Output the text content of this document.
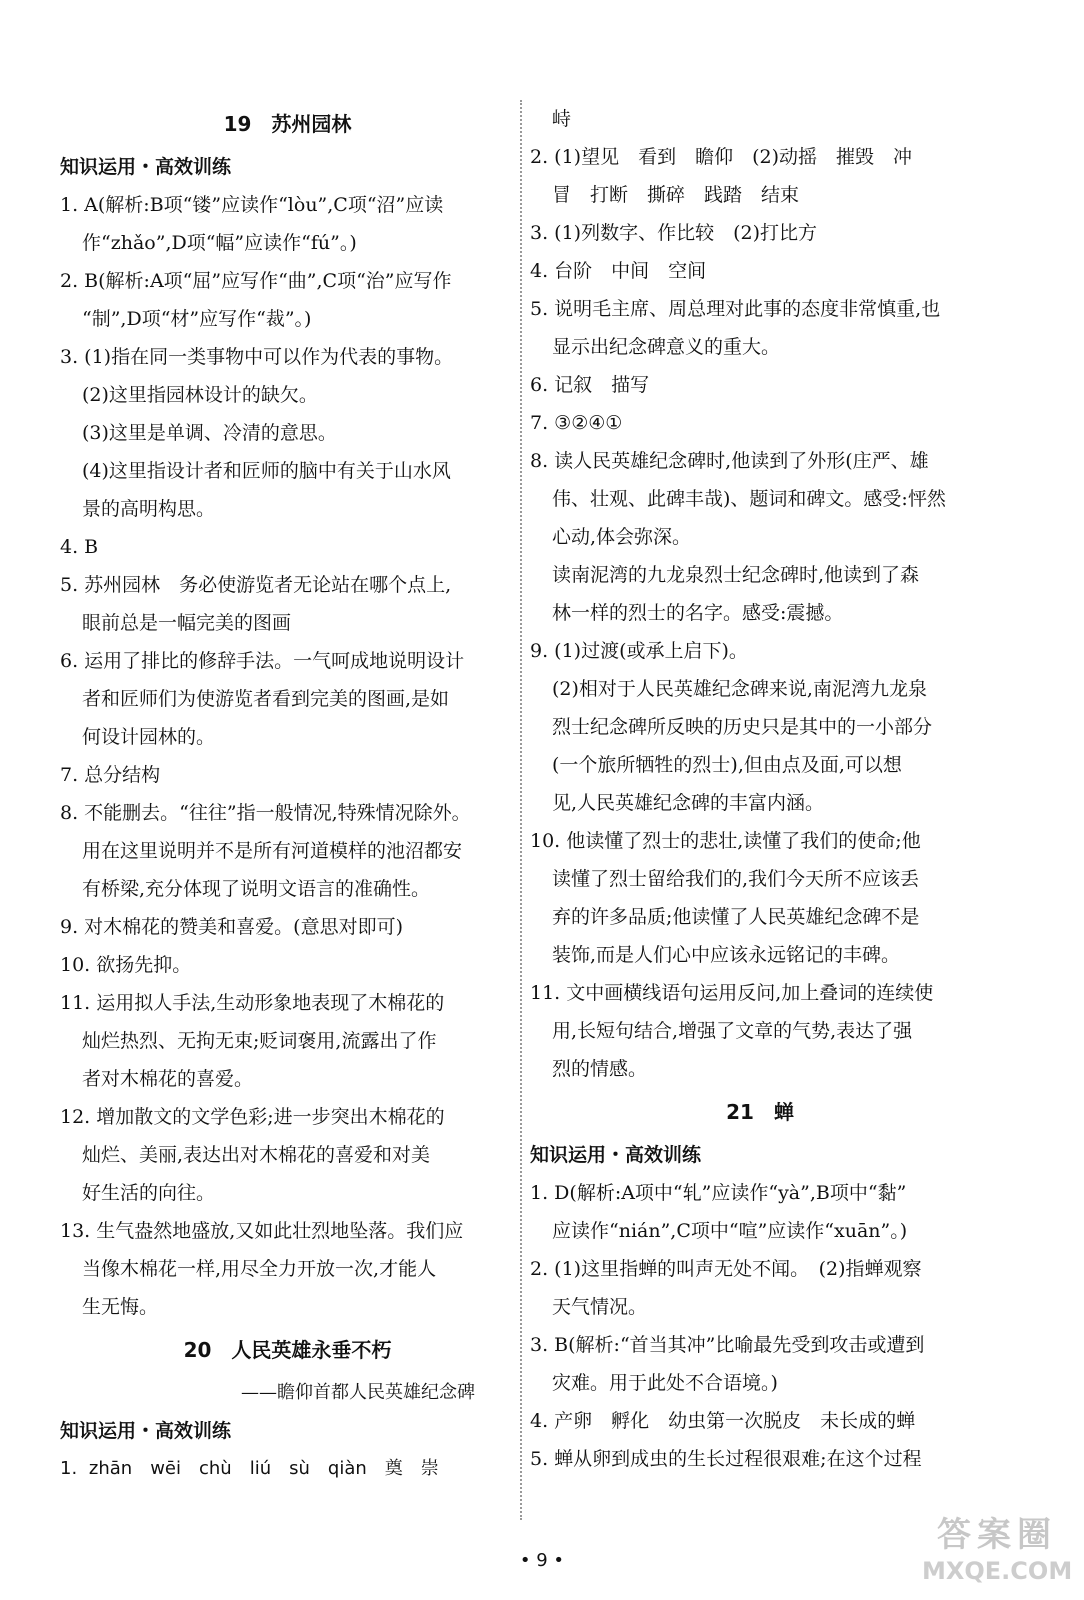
19　苏州园林
知识运用・高效训练
1. A(解析:B项“镂”应读作“lòu”,C项“沼”应读
作“zhǎo”,D项“幅”应读作“fú”。)
2. B(解析:A项“屈”应写作“曲”,C项“治”应写作
“制”,D项“材”应写作“裁”。)
3. (1)指在同一类事物中可以作为代表的事物。
(2)这里指园林设计的缺欠。
(3)这里是单调、冷清的意思。
(4)这里指设计者和匠师的脑中有关于山水风
景的高明构思。
4. B
5. 苏州园林　务必使游览者无论站在哪个点上,
眼前总是一幅完美的图画
6. 运用了排比的修辞手法。一气呵成地说明设计
者和匠师们为使游览者看到完美的图画,是如
何设计园林的。
7. 总分结构
8. 不能删去。“往往”指一般情况,特殊情况除外。
用在这里说明并不是所有河道模样的池沼都安
有桥梁,充分体现了说明文语言的准确性。
9. 对木棉花的赞美和喜爱。(意思对即可)
10. 欲扬先抑。
11. 运用拟人手法,生动形象地表现了木棉花的
灿烂热烈、无拘无束;贬词褒用,流露出了作
者对木棉花的喜爱。
12. 增加散文的文学色彩;进一步突出木棉花的
灿烂、美丽,表达出对木棉花的喜爱和对美
好生活的向往。
13. 生气盎然地盛放,又如此壮烈地坠落。我们应
当像木棉花一样,用尽全力开放一次,才能人
生无悔。
20　人民英雄永垂不朽
——瞻仰首都人民英雄纪念碑
知识运用・高效训练
1. zhān　wēi　chù　liú　sù　qiàn　奠　崇
峙
2. (1)望见　看到　瞻仰　(2)动摇　摧毁　冲
冒　打断　撕碎　践踏　结束
3. (1)列数字、作比较　(2)打比方
4. 台阶　中间　空间
5. 说明毛主席、周总理对此事的态度非常慎重,也
显示出纪念碑意义的重大。
6. 记叙　描写
7. ③②④①
8. 读人民英雄纪念碑时,他读到了外形(庄严、雄
伟、壮观、此碑丰哉)、题词和碑文。感受:怦然
心动,体会弥深。
读南泥湾的九龙泉烈士纪念碑时,他读到了森
林一样的烈士的名字。感受:震撼。
9. (1)过渡(或承上启下)。
(2)相对于人民英雄纪念碑来说,南泥湾九龙泉
烈士纪念碑所反映的历史只是其中的一小部分
(一个旅所牺牲的烈士),但由点及面,可以想
见,人民英雄纪念碑的丰富内涵。
10. 他读懂了烈士的悲壮,读懂了我们的使命;他
读懂了烈士留给我们的,我们今天所不应该丢
弃的许多品质;他读懂了人民英雄纪念碑不是
装饰,而是人们心中应该永远铭记的丰碑。
11. 文中画横线语句运用反问,加上叠词的连续使
用,长短句结合,增强了文章的气势,表达了强
烈的情感。
21　蝉
知识运用・高效训练
1. D(解析:A项中“轧”应读作“yà”,B项中“黏”
应读作“nián”,C项中“喧”应读作“xuān”。)
2. (1)这里指蝉的叫声无处不闻。　(2)指蝉观察
天气情况。
3. B(解析:“首当其冲”比喻最先受到攻击或遭到
灾难。用于此处不合语境。)
4. 产卵　孵化　幼虫第一次脱皮　未长成的蝉
5. 蝉从卵到成虫的生长过程很艰难;在这个过程
• 9 •
答案圈
MXQE.COM
